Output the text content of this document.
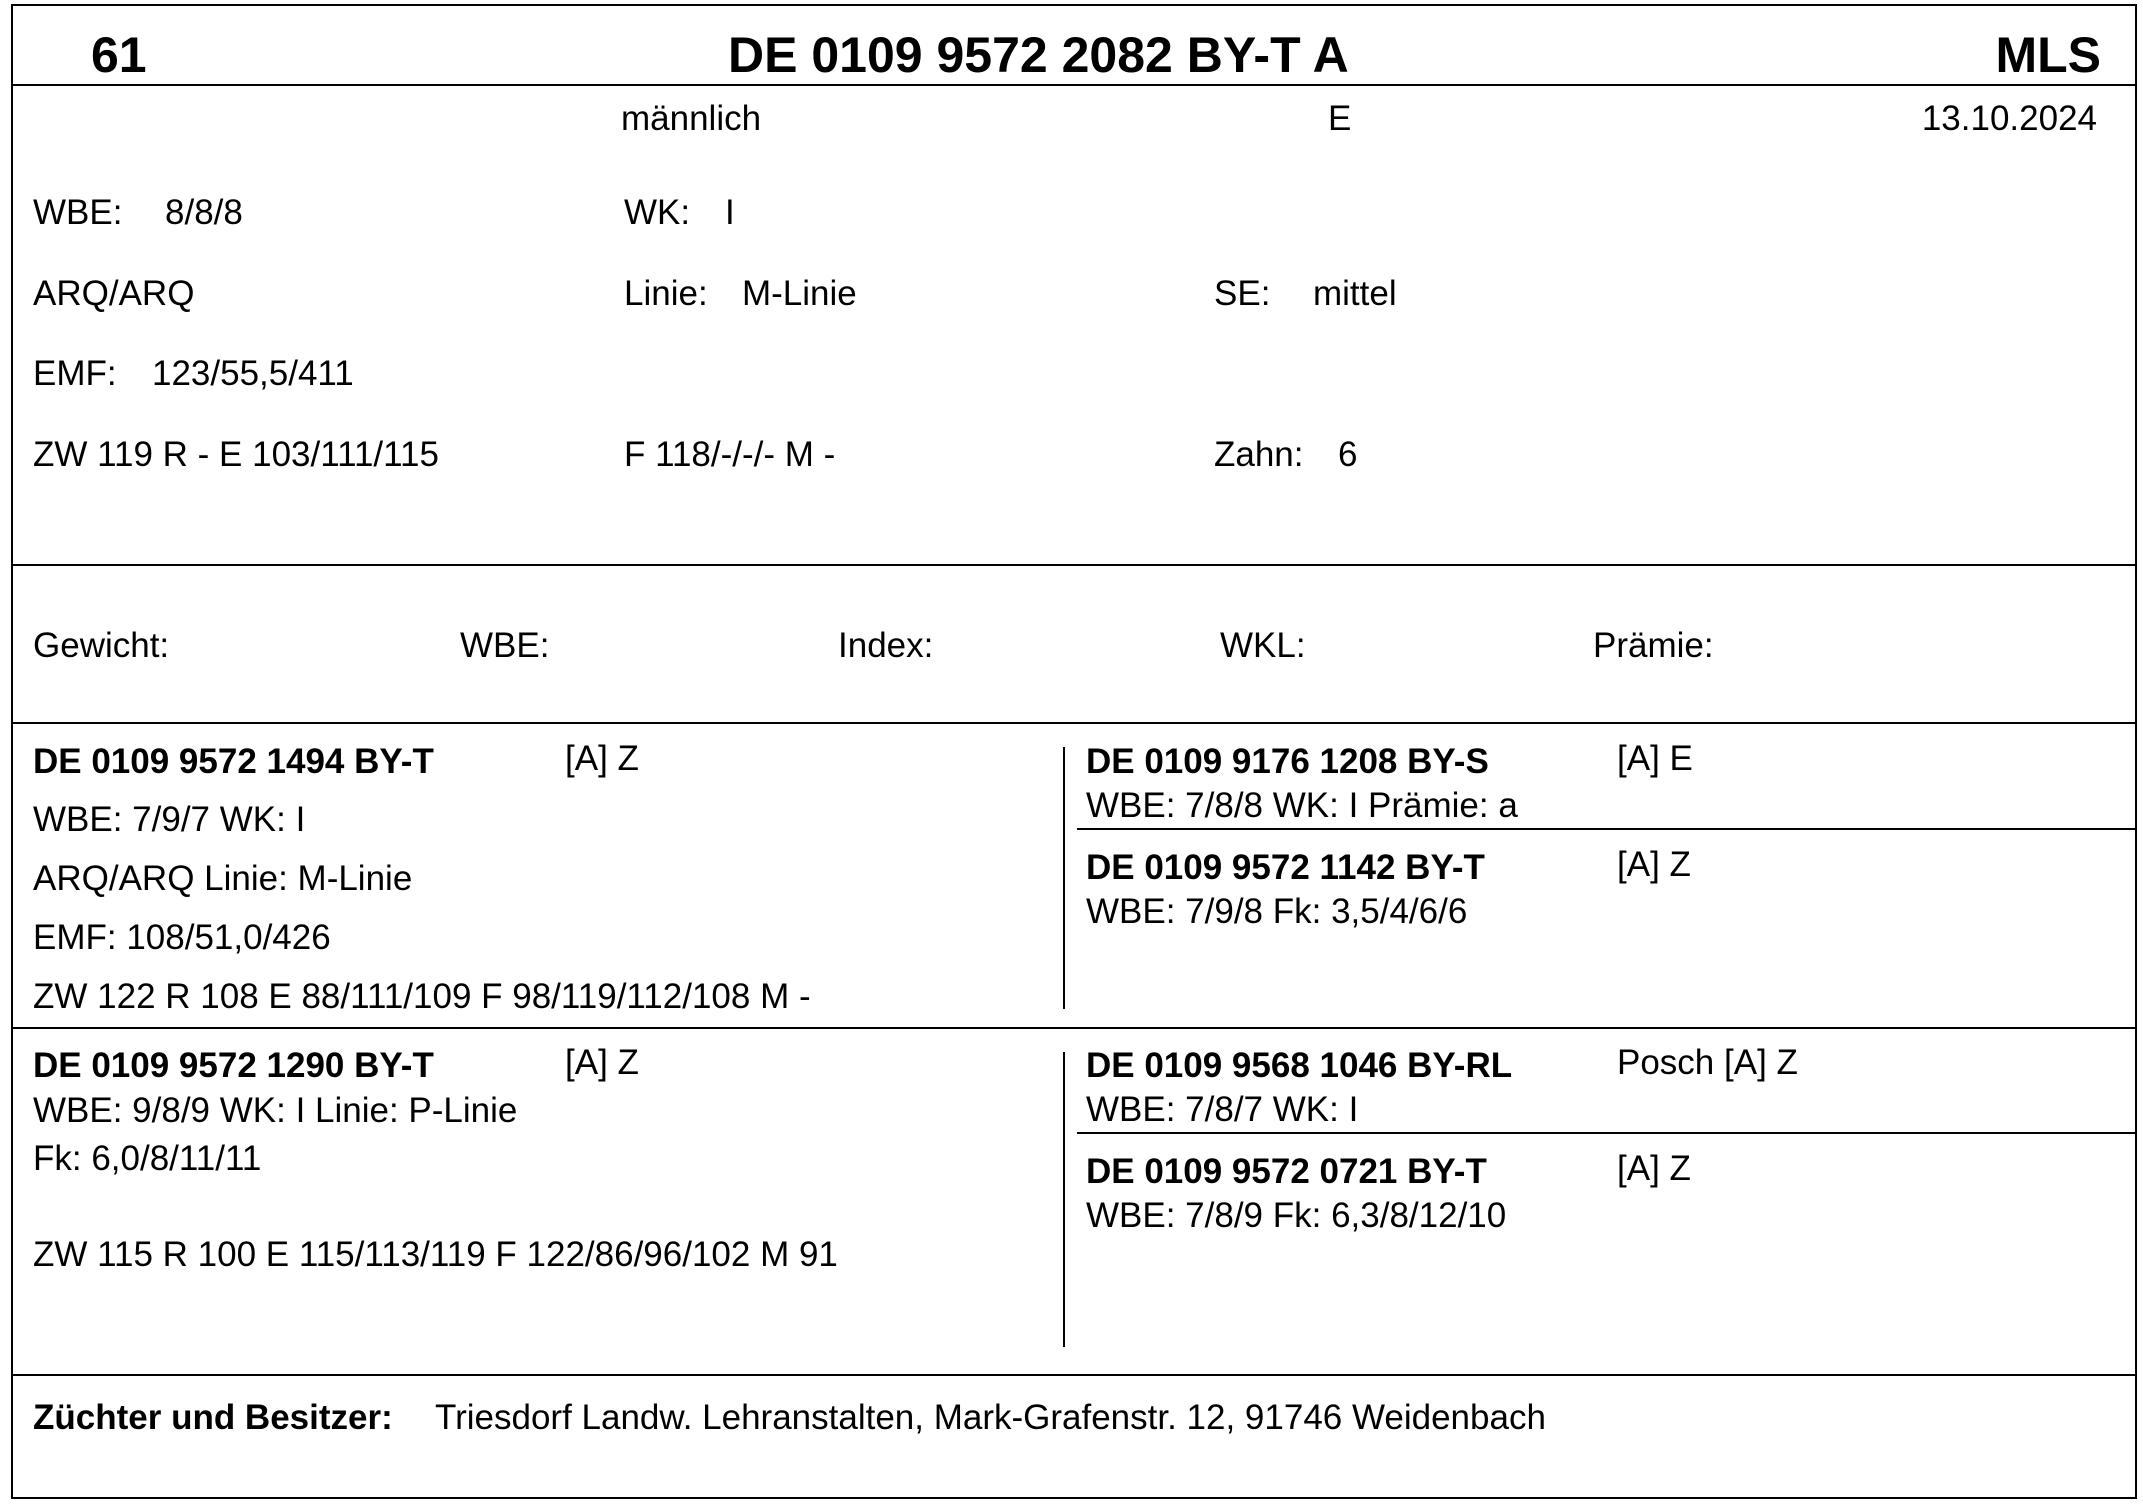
61	DE 0109 9572 2082 BY-T A	MLS
männlich	E	13.10.2024
WBE: 8/8/8	WK: I
ARQ/ARQ	Linie: M-Linie	SE: mittel
EMF: 123/55,5/411
ZW 119 R - E 103/111/115	F 118/-/-/- M -	Zahn: 6
Gewicht:	WBE:	Index:	WKL:	Prämie:
DE 0109 9572 1494 BY-T	[A] Z
WBE: 7/9/7 WK: I
ARQ/ARQ Linie: M-Linie
EMF: 108/51,0/426
ZW 122 R 108 E 88/111/109 F 98/119/112/108 M -
DE 0109 9176 1208 BY-S	[A] E
WBE: 7/8/8 WK: I Prämie: a
DE 0109 9572 1142 BY-T	[A] Z
WBE: 7/9/8 Fk: 3,5/4/6/6
DE 0109 9572 1290 BY-T	[A] Z
WBE: 9/8/9 WK: I Linie: P-Linie
Fk: 6,0/8/11/11
ZW 115 R 100 E 115/113/119 F 122/86/96/102 M 91
DE 0109 9568 1046 BY-RL	Posch [A] Z
WBE: 7/8/7 WK: I
DE 0109 9572 0721 BY-T	[A] Z
WBE: 7/8/9 Fk: 6,3/8/12/10
Züchter und Besitzer: Triesdorf Landw. Lehranstalten, Mark-Grafenstr. 12, 91746 Weidenbach
